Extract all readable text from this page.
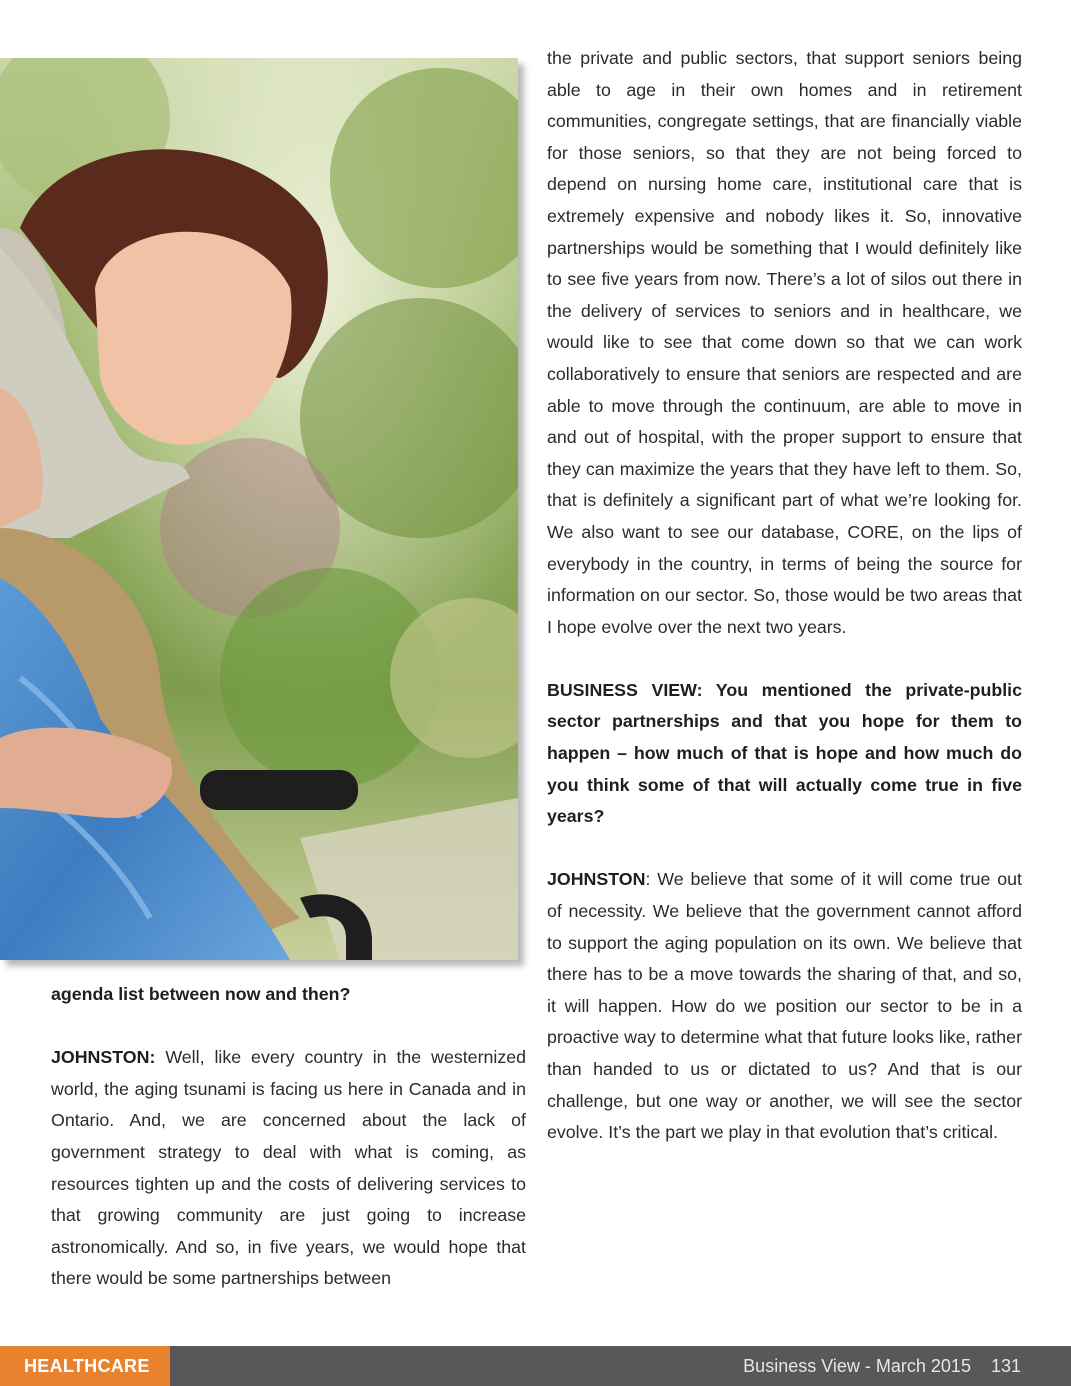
agenda list between now and then?

JOHNSTON: Well, like every country in the westernized world, the aging tsunami is facing us here in Canada and in Ontario. And, we are concerned about the lack of government strategy to deal with what is coming, as resources tighten up and the costs of delivering services to that growing community are just going to increase astronomically. And so, in five years, we would hope that there would be some partnerships between

the private and public sectors, that support seniors being able to age in their own homes and in retirement communities, congregate settings, that are financially viable for those seniors, so that they are not being forced to depend on nursing home care, institutional care that is extremely expensive and nobody likes it. So, innovative partnerships would be something that I would definitely like to see five years from now. There’s a lot of silos out there in the delivery of services to seniors and in healthcare, we would like to see that come down so that we can work collaboratively to ensure that seniors are respected and are able to move through the continuum, are able to move in and out of hospital, with the proper support to ensure that they can maximize the years that they have left to them. So, that is definitely a significant part of what we’re looking for. We also want to see our database, CORE, on the lips of everybody in the country, in terms of being the source for information on our sector. So, those would be two areas that I hope evolve over the next two years.

BUSINESS VIEW: You mentioned the private-public sector partnerships and that you hope for them to happen – how much of that is hope and how much do you think some of that will actually come true in five years?

JOHNSTON: We believe that some of it will come true out of necessity. We believe that the government cannot afford to support the aging population on its own. We believe that there has to be a move towards the sharing of that, and so, it will happen. How do we position our sector to be in a proactive way to determine what that future looks like, rather than handed to us or dictated to us? And that is our challenge, but one way or another, we will see the sector evolve. It’s the part we play in that evolution that’s critical.

HEALTHCARE	Business View - March 2015 131
